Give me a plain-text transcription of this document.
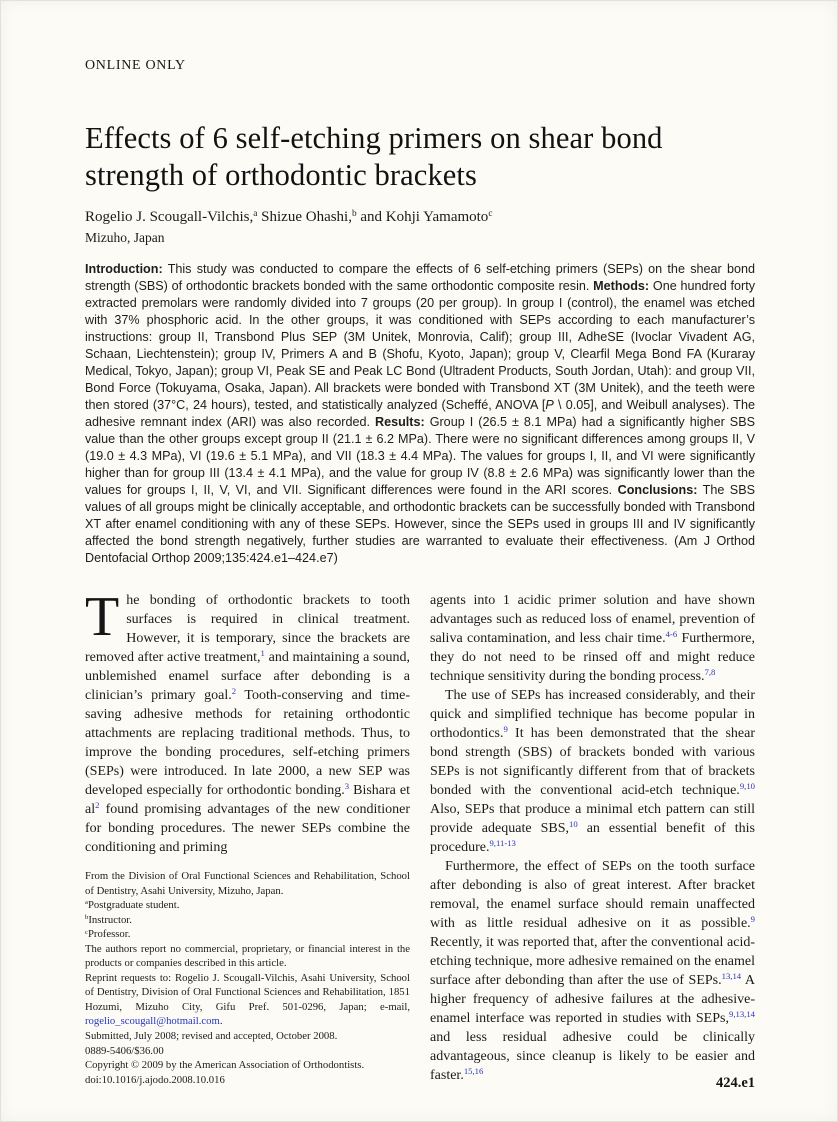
ONLINE ONLY
Effects of 6 self-etching primers on shear bond strength of orthodontic brackets
Rogelio J. Scougall-Vilchis,$^a$ Shizue Ohashi,$^b$ and Kohji Yamamoto$^c$
Mizuho, Japan

Introduction: This study was conducted to compare the effects of 6 self-etching primers (SEPs) on the shear bond strength (SBS) of orthodontic brackets bonded with the same orthodontic composite resin. Methods: One hundred forty extracted premolars were randomly divided into 7 groups (20 per group). In group I (control), the enamel was etched with 37% phosphoric acid. In the other groups, it was conditioned with SEPs according to each manufacturer’s instructions: group II, Transbond Plus SEP (3M Unitek, Monrovia, Calif); group III, AdheSE (Ivoclar Vivadent AG, Schaan, Liechtenstein); group IV, Primers A and B (Shofu, Kyoto, Japan); group V, Clearfil Mega Bond FA (Kuraray Medical, Tokyo, Japan); group VI, Peak SE and Peak LC Bond (Ultradent Products, South Jordan, Utah): and group VII, Bond Force (Tokuyama, Osaka, Japan). All brackets were bonded with Transbond XT (3M Unitek), and the teeth were then stored (37°C, 24 hours), tested, and statistically analyzed (Scheffé, ANOVA [P \ 0.05], and Weibull analyses). The adhesive remnant index (ARI) was also recorded. Results: Group I (26.5 ± 8.1 MPa) had a significantly higher SBS value than the other groups except group II (21.1 ± 6.2 MPa). There were no significant differences among groups II, V (19.0 ± 4.3 MPa), VI (19.6 ± 5.1 MPa), and VII (18.3 ± 4.4 MPa). The values for groups I, II, and VI were significantly higher than for group III (13.4 ± 4.1 MPa), and the value for group IV (8.8 ± 2.6 MPa) was significantly lower than the values for groups I, II, V, VI, and VII. Significant differences were found in the ARI scores. Conclusions: The SBS values of all groups might be clinically acceptable, and orthodontic brackets can be successfully bonded with Transbond XT after enamel conditioning with any of these SEPs. However, since the SEPs used in groups III and IV significantly affected the bond strength negatively, further studies are warranted to evaluate their effectiveness. (Am J Orthod Dentofacial Orthop 2009;135:424.e1–424.e7)

The bonding of orthodontic brackets to tooth surfaces is required in clinical treatment. However, it is temporary, since the brackets are removed after active treatment,$^1$ and maintaining a sound, unblemished enamel surface after debonding is a clinician’s primary goal.$^2$ Tooth-conserving and time-saving adhesive methods for retaining orthodontic attachments are replacing traditional methods. Thus, to improve the bonding procedures, self-etching primers (SEPs) were introduced. In late 2000, a new SEP was developed especially for orthodontic bonding.$^3$ Bishara et al$^2$ found promising advantages of the new conditioner for bonding procedures. The newer SEPs combine the conditioning and priming

From the Division of Oral Functional Sciences and Rehabilitation, School of Dentistry, Asahi University, Mizuho, Japan.

$^a$Postgraduate student.

$^b$Instructor.

$^c$Professor.

The authors report no commercial, proprietary, or financial interest in the products or companies described in this article.

Reprint requests to: Rogelio J. Scougall-Vilchis, Asahi University, School of Dentistry, Division of Oral Functional Sciences and Rehabilitation, 1851 Hozumi, Mizuho City, Gifu Pref. 501-0296, Japan; e-mail, rogelio_scougall@hotmail.com.

Submitted, July 2008; revised and accepted, October 2008.

0889-5406/$36.00

Copyright © 2009 by the American Association of Orthodontists.

doi:10.1016/j.ajodo.2008.10.016

agents into 1 acidic primer solution and have shown advantages such as reduced loss of enamel, prevention of saliva contamination, and less chair time.$^{4-6}$ Furthermore, they do not need to be rinsed off and might reduce technique sensitivity during the bonding process.$^{7,8}$

The use of SEPs has increased considerably, and their quick and simplified technique has become popular in orthodontics.$^9$ It has been demonstrated that the shear bond strength (SBS) of brackets bonded with various SEPs is not significantly different from that of brackets bonded with the conventional acid-etch technique.$^{9,10}$ Also, SEPs that produce a minimal etch pattern can still provide adequate SBS,$^{10}$ an essential benefit of this procedure.$^{9,11-13}$

Furthermore, the effect of SEPs on the tooth surface after debonding is also of great interest. After bracket removal, the enamel surface should remain unaffected with as little residual adhesive on it as possible.$^9$ Recently, it was reported that, after the conventional acid-etching technique, more adhesive remained on the enamel surface after debonding than after the use of SEPs.$^{13,14}$ A higher frequency of adhesive failures at the adhesive-enamel interface was reported in studies with SEPs,$^{9,13,14}$ and less residual adhesive could be clinically advantageous, since cleanup is likely to be easier and faster.$^{15,16}$

424.e1
